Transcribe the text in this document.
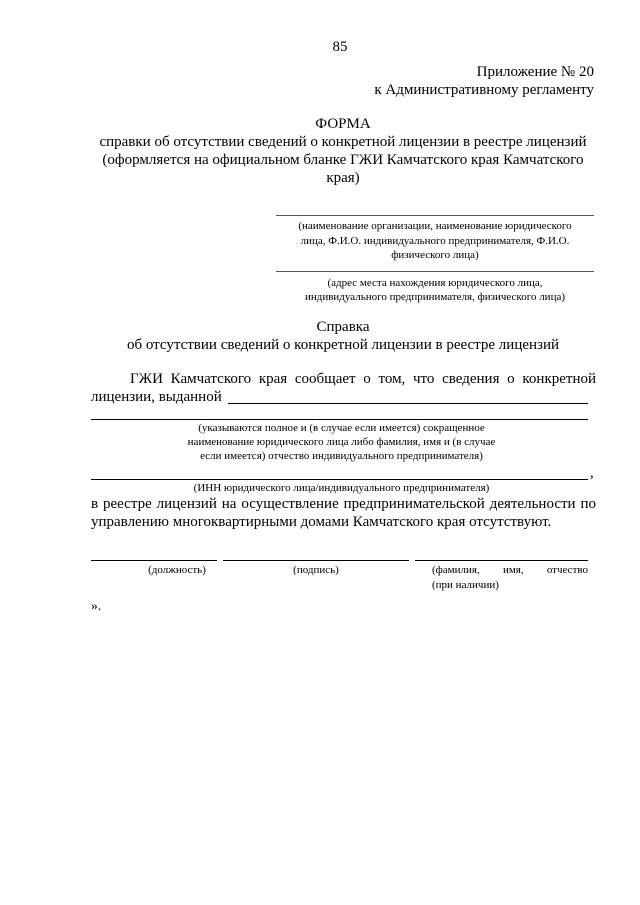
85
Приложение № 20
к Административному регламенту
ФОРМА
справки об отсутствии сведений о конкретной лицензии в реестре лицензий
(оформляется на официальном бланке ГЖИ Камчатского края Камчатского
края)
(наименование организации, наименование юридического
лица, Ф.И.О. индивидуального предпринимателя, Ф.И.О.
физического лица)
(адрес места нахождения юридического лица,
индивидуального предпринимателя, физического лица)
Справка
об отсутствии сведений о конкретной лицензии в реестре лицензий
ГЖИ Камчатского края сообщает о том, что сведения о конкретной
лицензии, выданной
(указываются полное и (в случае если имеется) сокращенное
наименование юридического лица либо фамилия, имя и (в случае
если имеется) отчество индивидуального предпринимателя)
,
(ИНН юридического лица/индивидуального предпринимателя)
в реестре лицензий на осуществление предпринимательской деятельности по
управлению многоквартирными домами Камчатского края отсутствуют.
(должность)	(подпись)	(фамилия, имя, отчество
(при наличии)
».
